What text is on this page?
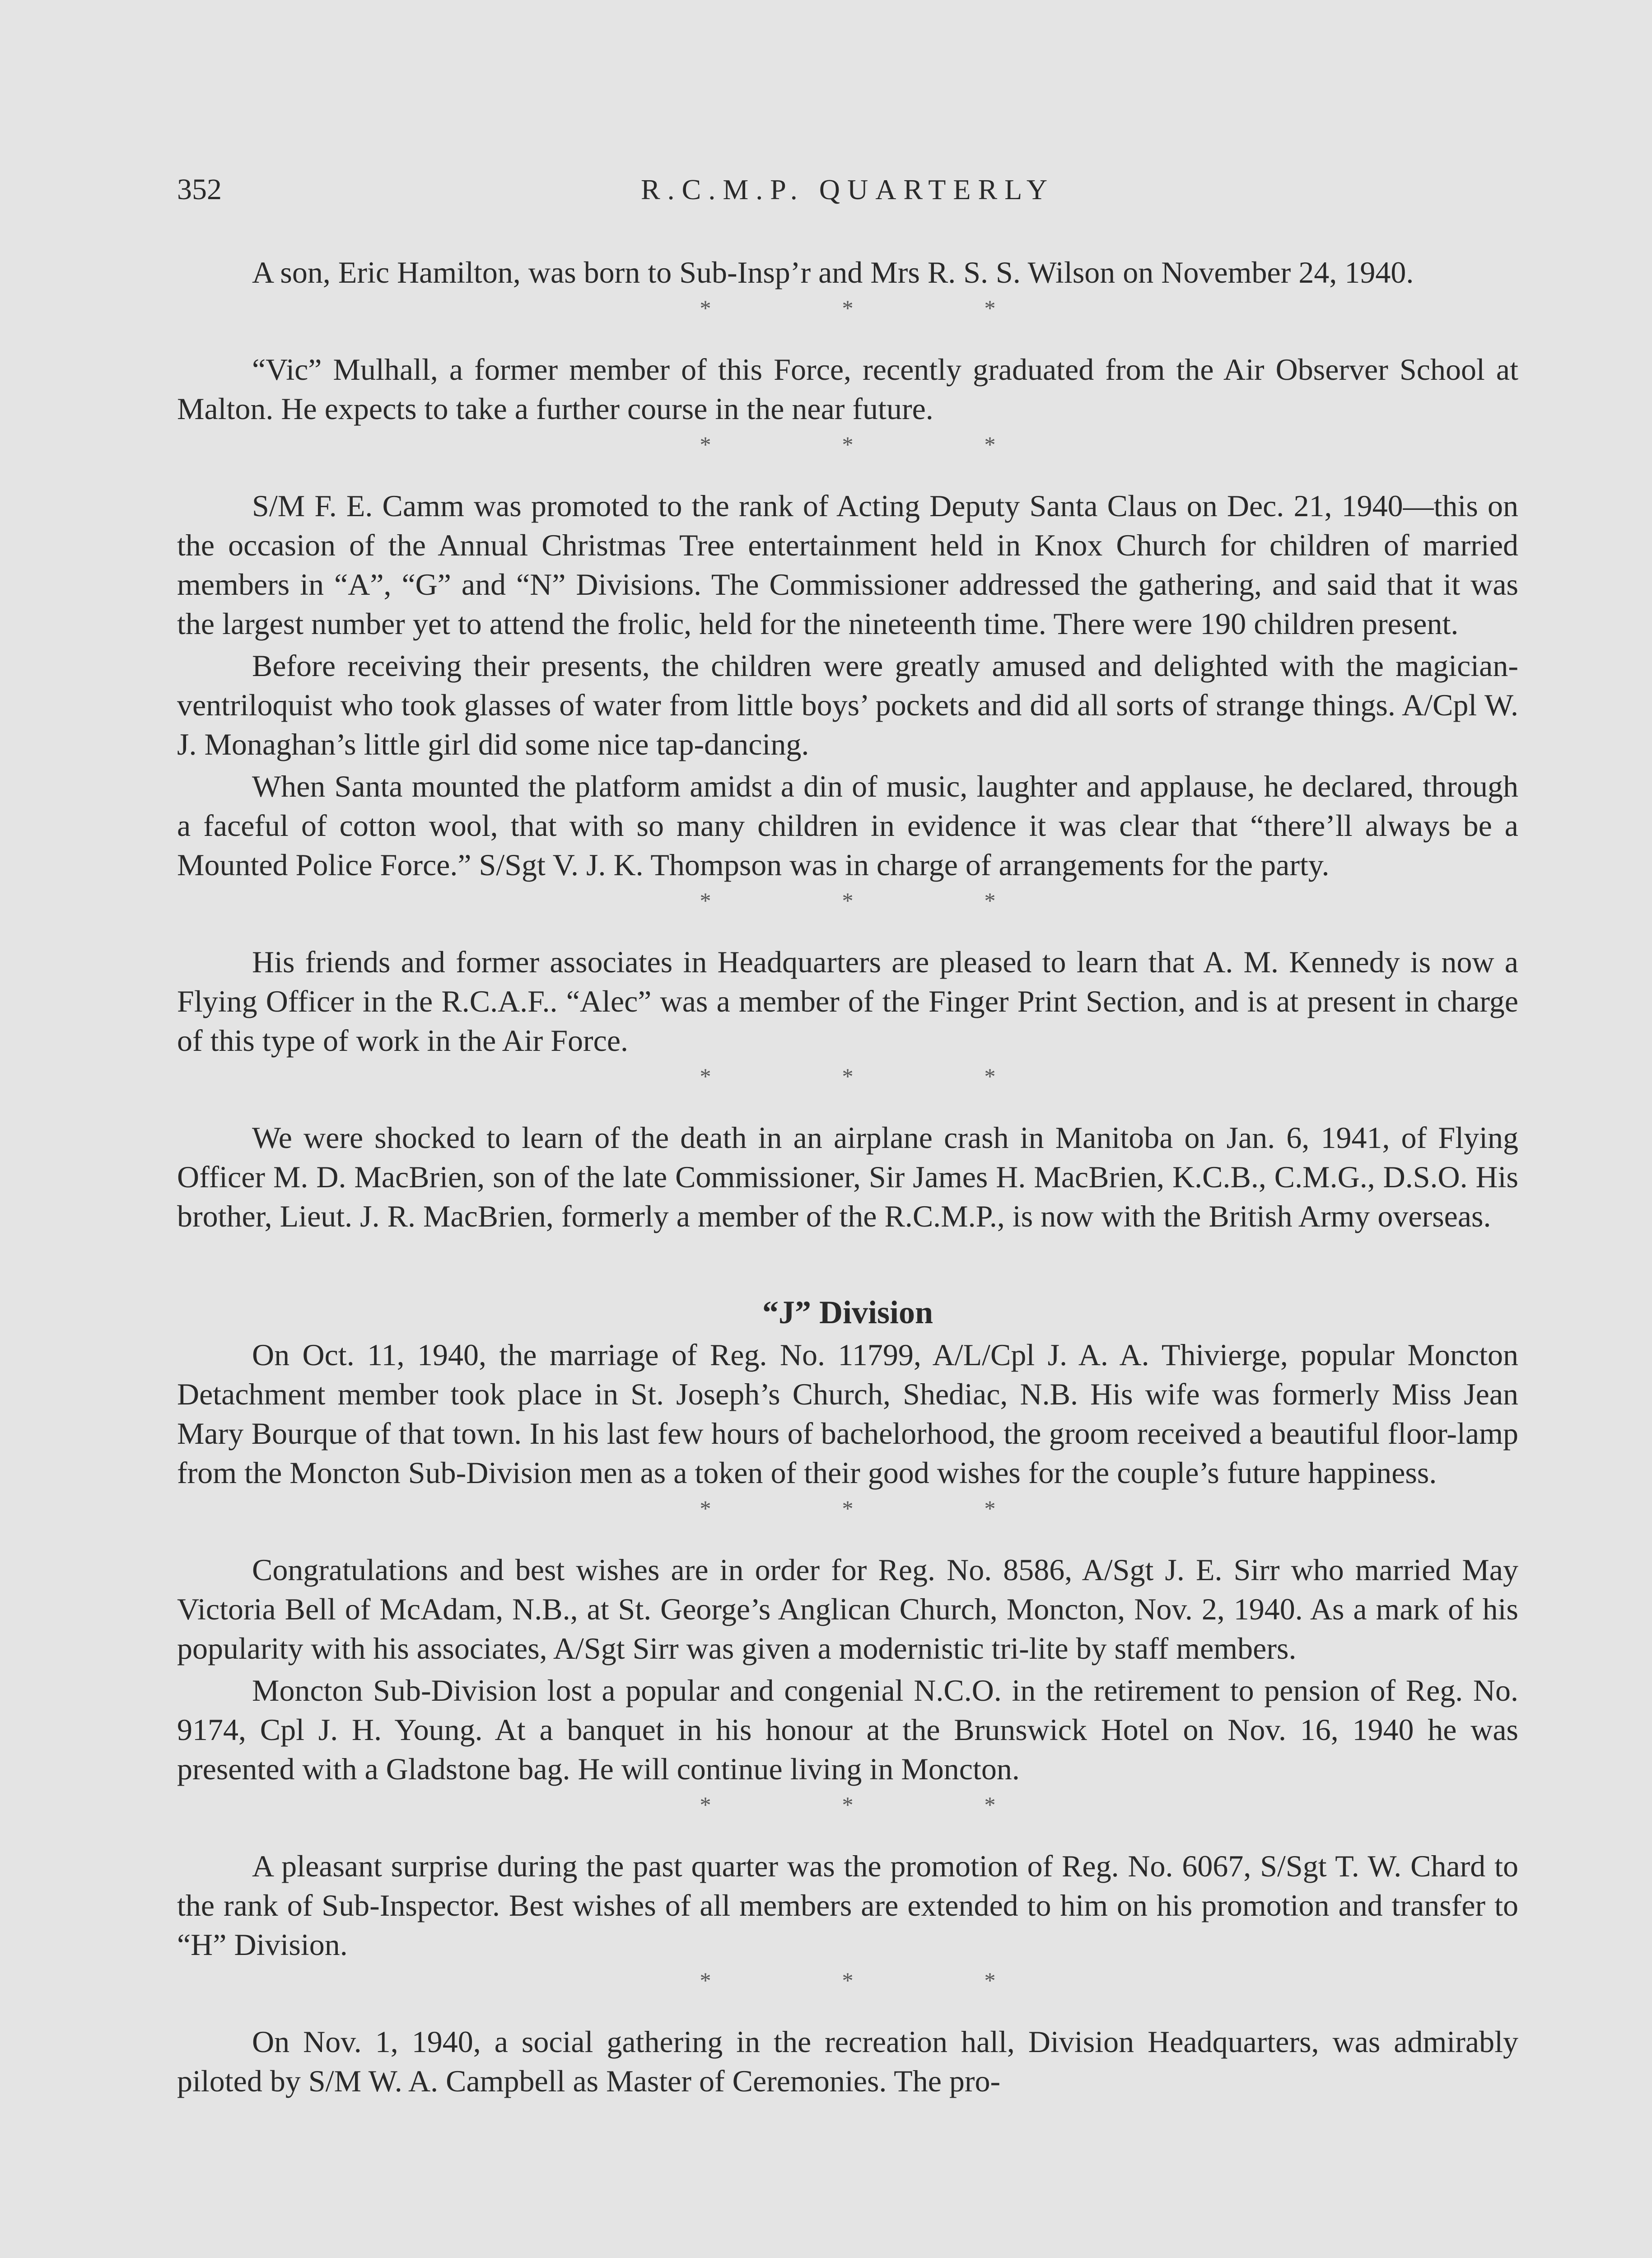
352	R.C.M.P. QUARTERLY

A son, Eric Hamilton, was born to Sub-Insp’r and Mrs R. S. S. Wilson on November 24, 1940.

*	*	*

“Vic” Mulhall, a former member of this Force, recently graduated from the Air Observer School at Malton. He expects to take a further course in the near future.

*	*	*

S/M F. E. Camm was promoted to the rank of Acting Deputy Santa Claus on Dec. 21, 1940—this on the occasion of the Annual Christmas Tree entertainment held in Knox Church for children of married members in “A”, “G” and “N” Divisions. The Commissioner addressed the gathering, and said that it was the largest number yet to attend the frolic, held for the nineteenth time. There were 190 children present.

Before receiving their presents, the children were greatly amused and delighted with the magician-ventriloquist who took glasses of water from little boys’ pockets and did all sorts of strange things. A/Cpl W. J. Monaghan’s little girl did some nice tap-dancing.

When Santa mounted the platform amidst a din of music, laughter and applause, he declared, through a faceful of cotton wool, that with so many children in evidence it was clear that “there’ll always be a Mounted Police Force.” S/Sgt V. J. K. Thompson was in charge of arrangements for the party.

*	*	*

His friends and former associates in Headquarters are pleased to learn that A. M. Kennedy is now a Flying Officer in the R.C.A.F.. “Alec” was a member of the Finger Print Section, and is at present in charge of this type of work in the Air Force.

*	*	*

We were shocked to learn of the death in an airplane crash in Manitoba on Jan. 6, 1941, of Flying Officer M. D. MacBrien, son of the late Commissioner, Sir James H. MacBrien, K.C.B., C.M.G., D.S.O. His brother, Lieut. J. R. MacBrien, formerly a member of the R.C.M.P., is now with the British Army overseas.

“J” Division

On Oct. 11, 1940, the marriage of Reg. No. 11799, A/L/Cpl J. A. A. Thivierge, popular Moncton Detachment member took place in St. Joseph’s Church, Shediac, N.B. His wife was formerly Miss Jean Mary Bourque of that town. In his last few hours of bachelorhood, the groom received a beautiful floor-lamp from the Moncton Sub-Division men as a token of their good wishes for the couple’s future happiness.

*	*	*

Congratulations and best wishes are in order for Reg. No. 8586, A/Sgt J. E. Sirr who married May Victoria Bell of McAdam, N.B., at St. George’s Anglican Church, Moncton, Nov. 2, 1940. As a mark of his popularity with his associates, A/Sgt Sirr was given a modernistic tri-lite by staff members.

Moncton Sub-Division lost a popular and congenial N.C.O. in the retirement to pension of Reg. No. 9174, Cpl J. H. Young. At a banquet in his honour at the Brunswick Hotel on Nov. 16, 1940 he was presented with a Gladstone bag. He will continue living in Moncton.

*	*	*

A pleasant surprise during the past quarter was the promotion of Reg. No. 6067, S/Sgt T. W. Chard to the rank of Sub-Inspector. Best wishes of all members are extended to him on his promotion and transfer to “H” Division.

*	*	*

On Nov. 1, 1940, a social gathering in the recreation hall, Division Headquarters, was admirably piloted by S/M W. A. Campbell as Master of Ceremonies. The pro-
